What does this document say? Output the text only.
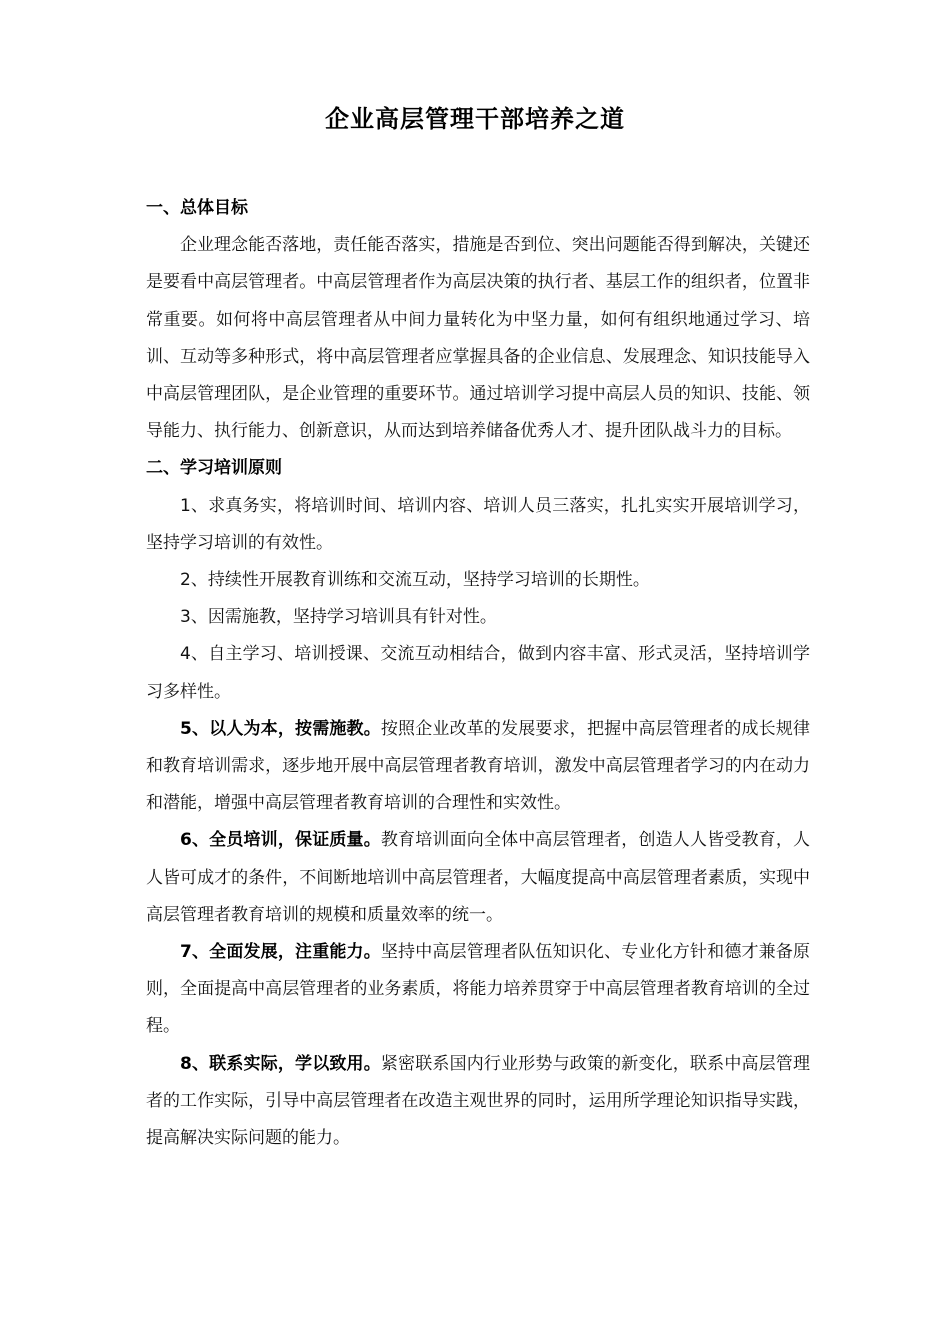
企业高层管理干部培养之道

一、总体目标

企业理念能否落地，责任能否落实，措施是否到位、突出问题能否得到解决，关键还是要看中高层管理者。中高层管理者作为高层决策的执行者、基层工作的组织者，位置非常重要。如何将中高层管理者从中间力量转化为中坚力量，如何有组织地通过学习、培训、互动等多种形式，将中高层管理者应掌握具备的企业信息、发展理念、知识技能导入中高层管理团队，是企业管理的重要环节。通过培训学习提中高层人员的知识、技能、领导能力、执行能力、创新意识，从而达到培养储备优秀人才、提升团队战斗力的目标。

二、学习培训原则

1、求真务实，将培训时间、培训内容、培训人员三落实，扎扎实实开展培训学习，坚持学习培训的有效性。

2、持续性开展教育训练和交流互动，坚持学习培训的长期性。

3、因需施教，坚持学习培训具有针对性。

4、自主学习、培训授课、交流互动相结合，做到内容丰富、形式灵活，坚持培训学习多样性。

5、以人为本，按需施教。按照企业改革的发展要求，把握中高层管理者的成长规律和教育培训需求，逐步地开展中高层管理者教育培训，激发中高层管理者学习的内在动力和潜能，增强中高层管理者教育培训的合理性和实效性。

6、全员培训，保证质量。教育培训面向全体中高层管理者，创造人人皆受教育，人人皆可成才的条件，不间断地培训中高层管理者，大幅度提高中高层管理者素质，实现中高层管理者教育培训的规模和质量效率的统一。

7、全面发展，注重能力。坚持中高层管理者队伍知识化、专业化方针和德才兼备原则，全面提高中高层管理者的业务素质，将能力培养贯穿于中高层管理者教育培训的全过程。

8、联系实际，学以致用。紧密联系国内行业形势与政策的新变化，联系中高层管理者的工作实际，引导中高层管理者在改造主观世界的同时，运用所学理论知识指导实践，提高解决实际问题的能力。
